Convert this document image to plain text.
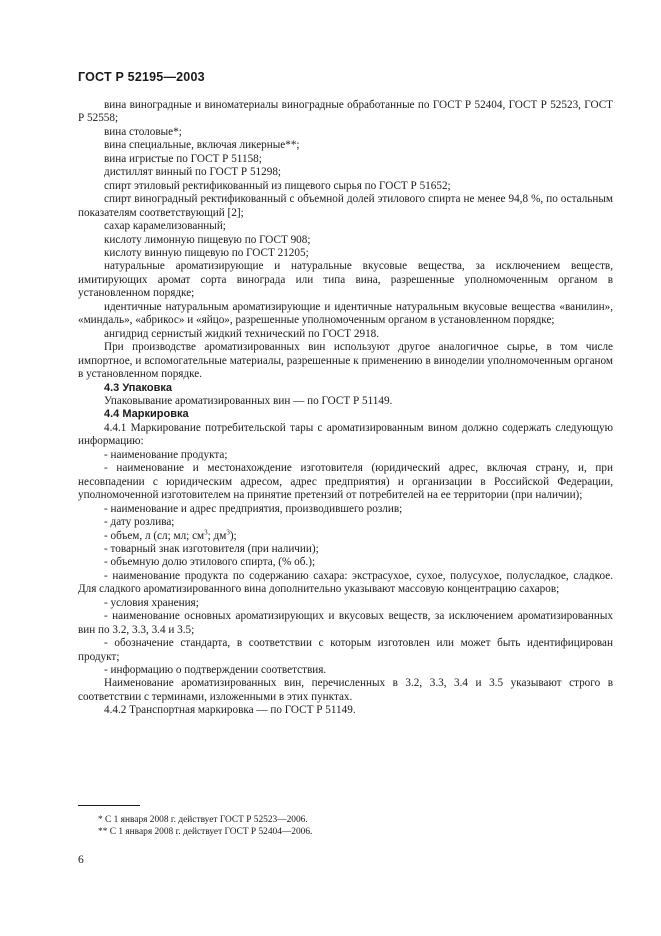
ГОСТ Р 52195—2003

вина виноградные и виноматериалы виноградные обработанные по ГОСТ Р 52404, ГОСТ Р 52523, ГОСТ Р 52558;

вина столовые*;

вина специальные, включая ликерные**;

вина игристые по ГОСТ Р 51158;

дистиллят винный по ГОСТ Р 51298;

спирт этиловый ректификованный из пищевого сырья по ГОСТ Р 51652;

спирт виноградный ректификованный с объемной долей этилового спирта не менее 94,8 %, по остальным показателям соответствующий [2];

сахар карамелизованный;

кислоту лимонную пищевую по ГОСТ 908;

кислоту винную пищевую по ГОСТ 21205;

натуральные ароматизирующие и натуральные вкусовые вещества, за исключением веществ, имитирующих аромат сорта винограда или типа вина, разрешенные уполномоченным органом в установленном порядке;

идентичные натуральным ароматизирующие и идентичные натуральным вкусовые вещества «ванилин», «миндаль», «абрикос» и «яйцо», разрешенные уполномоченным органом в установленном порядке;

ангидрид сернистый жидкий технический по ГОСТ 2918.

При производстве ароматизированных вин используют другое аналогичное сырье, в том числе импортное, и вспомогательные материалы, разрешенные к применению в виноделии уполномоченным органом в установленном порядке.

4.3 Упаковка

Упаковывание ароматизированных вин — по ГОСТ Р 51149.

4.4 Маркировка

4.4.1 Маркирование потребительской тары с ароматизированным вином должно содержать следующую информацию:

- наименование продукта;

- наименование и местонахождение изготовителя (юридический адрес, включая страну, и, при несовпадении с юридическим адресом, адрес предприятия) и организации в Российской Федерации, уполномоченной изготовителем на принятие претензий от потребителей на ее территории (при наличии);

- наименование и адрес предприятия, производившего розлив;

- дату розлива;

- объем, л (сл; мл; $см^3$; $дм^3$);

- товарный знак изготовителя (при наличии);

- объемную долю этилового спирта, (% об.);

- наименование продукта по содержанию сахара: экстрасухое, сухое, полусухое, полусладкое, сладкое. Для сладкого ароматизированного вина дополнительно указывают массовую концентрацию сахаров;

- условия хранения;

- наименование основных ароматизирующих и вкусовых веществ, за исключением ароматизированных вин по 3.2, 3.3, 3.4 и 3.5;

- обозначение стандарта, в соответствии с которым изготовлен или может быть идентифицирован продукт;

- информацию о подтверждении соответствия.

Наименование ароматизированных вин, перечисленных в 3.2, 3.3, 3.4 и 3.5 указывают строго в соответствии с терминами, изложенными в этих пунктах.

4.4.2 Транспортная маркировка — по ГОСТ Р 51149.

* С 1 января 2008 г. действует ГОСТ Р 52523—2006.
** С 1 января 2008 г. действует ГОСТ Р 52404—2006.
6
